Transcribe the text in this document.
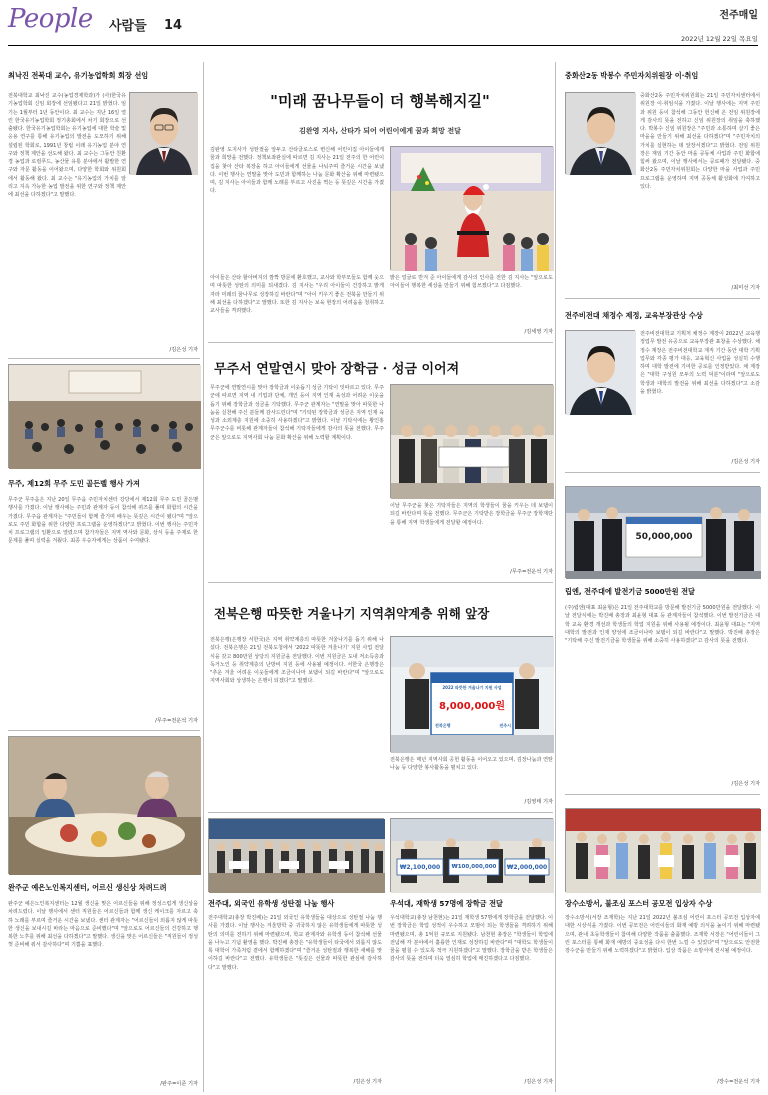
People 사람들 14
전주매일
2022년 12월 22일 목요일
최낙진 전북대 교수, 유기농업학회 회장 선임
전북대학교 최낙진 교수(농업경제학과)가 (사)한국유기농업학회 신임 회장에 선임됐다고 21일 밝혔다. 임기는 1월부터 1년 동안이다. 최 교수는 지난 16일 열린 한국유기농업학회 정기총회에서 차기 회장으로 선출됐다. 한국유기농업학회는 유기농업에 대한 학술 및 응용 연구를 통해 유기농업의 발전을 도모하기 위해 설립된 학회로, 1991년 창립 이래 유기농업 분야 연구와 정책 제안을 선도해 왔다. 최 교수는 그동안 친환경 농업과 로컬푸드, 농산물 유통 분야에서 활발한 연구와 자문 활동을 이어왔으며, 다양한 학회와 위원회에서 활동해 왔다. 최 교수는 "유기농업의 가치를 알리고 지속 가능한 농업 발전을 위한 연구와 정책 제안에 최선을 다하겠다"고 말했다.
/김은성 기자
무주, 제12회 무주 도민 골든벨 행사 가져
무주군 무주읍은 지난 20일 무주읍 주민자치센터 강당에서 제12회 무주 도민 골든벨 행사를 가졌다. 이날 행사에는 주민과 관계자 등이 참석해 퀴즈를 풀며 화합의 시간을 가졌다. 무주읍 관계자는 "주민들이 함께 즐기며 배우는 뜻깊은 시간이 됐다"며 "앞으로도 주민 화합을 위한 다양한 프로그램을 운영하겠다"고 밝혔다. 이번 행사는 주민자치 프로그램의 일환으로 열렸으며 참가자들은 지역 역사와 문화, 상식 등을 주제로 한 문제를 풀며 실력을 겨뤘다. 최종 우승자에게는 상품이 수여됐다.
/무주=전운석 기자
완주군 예은노인복지센터, 어르신 생신상 차려드려
완주군 예은노인복지센터는 12월 생신을 맞은 어르신들을 위해 정성스럽게 생신상을 차려드렸다. 이날 행사에서 센터 직원들은 어르신들과 함께 생신 케이크를 자르고 축하 노래를 부르며 즐거운 시간을 보냈다. 센터 관계자는 "어르신들이 외롭지 않게 따뜻한 생신을 보내시길 바라는 마음으로 준비했다"며 "앞으로도 어르신들의 건강하고 행복한 노후를 위해 최선을 다하겠다"고 말했다. 생신을 맞은 어르신들은 "직원들이 정성껏 준비해 줘서 감사하다"며 기쁨을 표했다.
/완주=이준 기자
"미래 꿈나무들이 더 행복해지길"
김완영 지사, 산타가 되어 어린이에게 꿈과 희망 전달
김완영 도지사가 성탄절을 앞두고 산타클로스로 변신해 어린이집 아이들에게 꿈과 희망을 전했다. 정책보좌관실에 따르면 김 지사는 21일 전주의 한 어린이집을 찾아 산타 복장을 하고 아이들에게 선물을 나눠주며 즐거운 시간을 보냈다. 이번 행사는 연말을 맞아 도민과 함께하는 나눔 문화 확산을 위해 마련됐으며, 김 지사는 아이들과 함께 노래를 부르고 사진을 찍는 등 뜻깊은 시간을 가졌다.
아이들은 산타 할아버지의 깜짝 방문에 환호했고, 교사와 학부모들도 함께 웃으며 따뜻한 성탄의 의미를 되새겼다. 김 지사는 "우리 아이들이 건강하고 밝게 자라 미래의 꿈나무로 성장하길 바란다"며 "아이 키우기 좋은 전북을 만들기 위해 최선을 다하겠다"고 말했다. 또한 김 지사는 보육 현장의 어려움을 청취하고 교사들을 격려했다.
밝은 얼굴로 반겨 준 아이들에게 감사의 인사를 전한 김 지사는 "앞으로도 아이들이 행복한 세상을 만들기 위해 힘쓰겠다"고 다짐했다.
/김세영 기자
무주서 연말연시 맞아 장학금 · 성금 이어져
무주군에 연말연시를 맞아 장학금과 이웃돕기 성금 기탁이 잇따르고 있다. 무주군에 따르면 지역 내 기업과 단체, 개인 등이 지역 인재 육성과 어려운 이웃을 돕기 위해 장학금과 성금을 기탁했다. 무주군 관계자는 "연말을 맞아 따뜻한 나눔을 실천해 주신 분들께 감사드린다"며 "기탁된 장학금과 성금은 지역 인재 육성과 소외계층 지원에 소중히 사용하겠다"고 밝혔다. 이날 기탁식에는 황인홍 무주군수를 비롯해 관계자들이 참석해 기탁자들에게 감사의 뜻을 전했다. 무주군은 앞으로도 지역사회 나눔 문화 확산을 위해 노력할 계획이다.
이날 무주군을 찾은 기탁자들은 지역의 학생들이 꿈을 키우는 데 보탬이 되길 바란다며 뜻을 전했다. 무주군은 기탁받은 장학금을 무주군 장학재단을 통해 지역 학생들에게 전달할 예정이다.
/무주=전운석 기자
전북은행 따뜻한 겨울나기 지역취약계층 위해 앞장
전북은행(은행장 서한국)은 지역 취약계층의 따뜻한 겨울나기를 돕기 위해 나섰다. 전북은행은 21일 전북도청에서 '2022 따뜻한 겨울나기' 지원 사업 전달식을 갖고 800만원 상당의 지원금을 전달했다. 이번 지원금은 도내 저소득층과 독거노인 등 취약계층의 난방비 지원 등에 사용될 예정이다. 서한국 은행장은 "추운 겨울 어려운 이웃들에게 조금이나마 보탬이 되길 바란다"며 "앞으로도 지역사회와 상생하는 은행이 되겠다"고 말했다.
2022 따뜻한 겨울나기 지원 사업
8,000,000원
전북은행	전주시
전북은행은 매년 지역사회 공헌 활동을 이어오고 있으며, 김장나눔과 연탄나눔 등 다양한 봉사활동을 펼치고 있다.
/김영태 기자
전주대, 외국인 유학생 성탄절 나눔 행사
전주대학교(총장 박진배)는 21일 외국인 유학생들을 대상으로 성탄절 나눔 행사를 가졌다. 이날 행사는 겨울방학 중 귀국하지 않은 유학생들에게 따뜻한 성탄의 의미를 전하기 위해 마련됐으며, 학교 관계자와 유학생 등이 참석해 선물을 나누고 기념 촬영을 했다. 박진배 총장은 "유학생들이 타국에서 외롭지 않도록 대학이 가족처럼 곁에서 함께하겠다"며 "즐거운 성탄절과 행복한 새해를 맞이하길 바란다"고 전했다. 유학생들은 "뜻깊은 선물과 따뜻한 관심에 감사하다"고 말했다.
/김은성 기자
₩2,100,000	₩100,000,000	₩2,000,000
우석대, 재학생 57명에 장학금 전달
우석대학교(총장 남천현)는 21일 재학생 57명에게 장학금을 전달했다. 이번 장학금은 학업 성적이 우수하고 모범이 되는 학생들을 격려하기 위해 마련됐으며, 총 1억원 규모로 지원됐다. 남천현 총장은 "학생들이 학업에 전념해 각 분야에서 훌륭한 인재로 성장하길 바란다"며 "대학도 학생들이 꿈을 펼칠 수 있도록 적극 지원하겠다"고 말했다. 장학금을 받은 학생들은 감사의 뜻을 전하며 더욱 열심히 학업에 매진하겠다고 다짐했다.
/김은성 기자
중화산2동 박봉수 주민자치위원장 이·취임
중화산2동 주민자치위원회는 21일 주민자치센터에서 위원장 이·취임식을 가졌다. 이날 행사에는 지역 주민과 위원 등이 참석해 그동안 헌신해 온 전임 위원장에게 감사의 뜻을 전하고 신임 위원장의 취임을 축하했다. 박봉수 신임 위원장은 "주민과 소통하며 살기 좋은 마을을 만들기 위해 최선을 다하겠다"며 "주민자치의 가치를 실현하는 데 앞장서겠다"고 밝혔다. 전임 위원장은 재임 기간 동안 마을 공동체 사업과 주민 화합에 힘써 왔으며, 이날 행사에서는 공로패가 전달됐다. 중화산2동 주민자치위원회는 다양한 마을 사업과 주민 프로그램을 운영하며 지역 공동체 활성화에 기여하고 있다.
/최미선 기자
전주비전대 채정수 제정, 교육부장관상 수상
전주비전대학교 기획처 채정수 계장이 2022년 교육행정업무 발전 유공으로 교육부장관 표창을 수상했다. 채정수 계장은 전주비전대학교 재직 기간 동안 대학 기획 업무와 각종 평가 대응, 교육혁신 사업을 성실히 수행하며 대학 발전에 기여한 공로를 인정받았다. 채 계장은 "대학 구성원 모두의 노력 덕분"이라며 "앞으로도 학생과 대학의 발전을 위해 최선을 다하겠다"고 소감을 밝혔다.
/김은성 기자
50,000,000
립엔, 전주대에 발전기금 5000만원 전달
(주)립엔(대표 최윤형)은 21일 전주대학교를 방문해 발전기금 5000만원을 전달했다. 이날 전달식에는 박진배 총장과 최윤형 대표 등 관계자들이 참석했다. 이번 발전기금은 대학 교육 환경 개선과 학생들의 학업 지원을 위해 사용될 예정이다. 최윤형 대표는 "지역 대학의 발전과 인재 양성에 조금이나마 보탬이 되길 바란다"고 말했다. 박진배 총장은 "기탁해 주신 발전기금을 학생들을 위해 소중히 사용하겠다"고 감사의 뜻을 전했다.
/김은성 기자
장수소방서, 불조심 포스터 공모전 입상자 수상
장수소방서(서장 조재학)는 지난 21일 2022년 불조심 어린이 포스터 공모전 입상자에 대한 시상식을 가졌다. 이번 공모전은 어린이들의 화재 예방 의식을 높이기 위해 마련됐으며, 관내 초등학생들이 참여해 다양한 작품을 출품했다. 조재학 서장은 "어린이들이 그린 포스터를 통해 화재 예방의 중요성을 다시 한번 느낄 수 있었다"며 "앞으로도 안전한 장수군을 만들기 위해 노력하겠다"고 밝혔다. 입상 작품은 소방서에 전시될 예정이다.
/장수=전운석 기자
